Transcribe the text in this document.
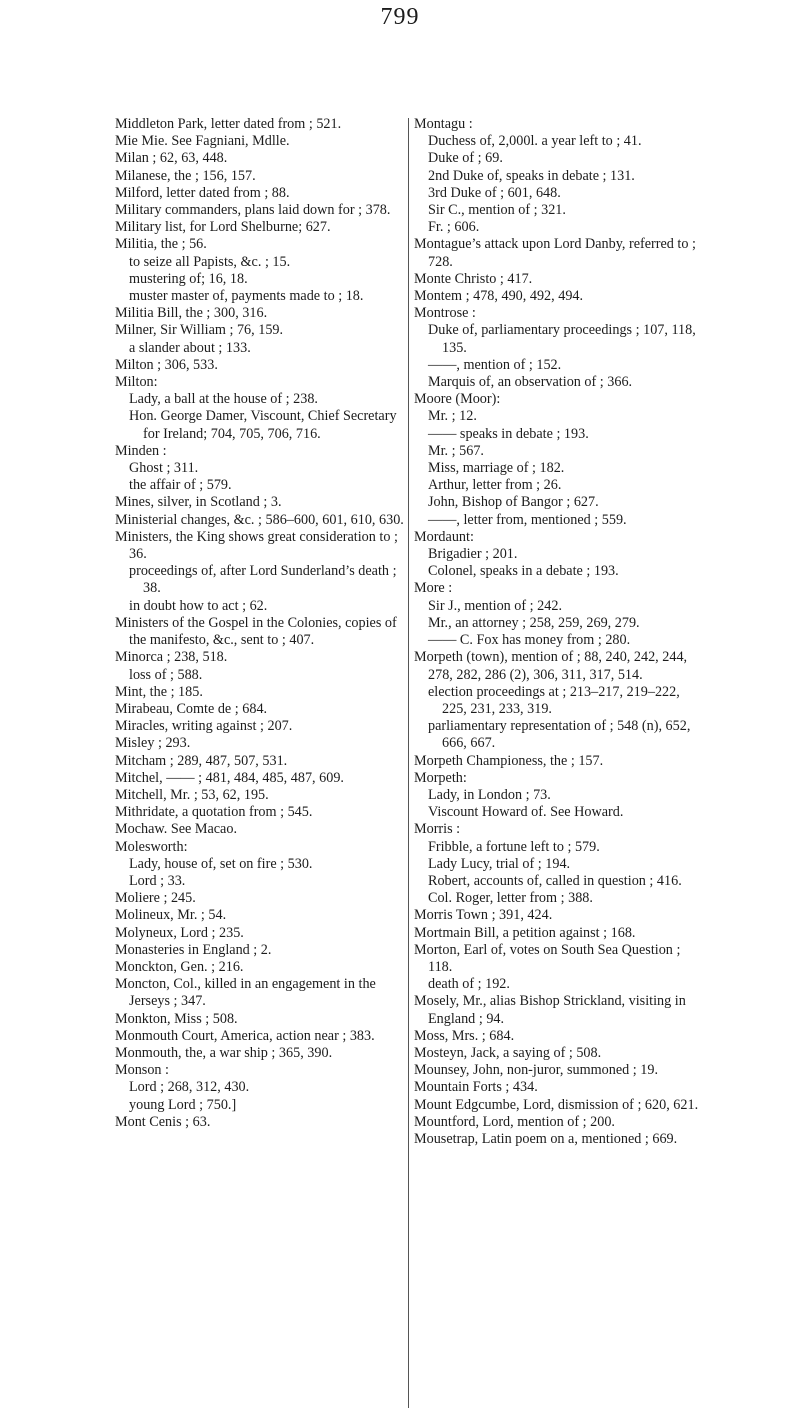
799

Middleton Park, letter dated from ; 521.

Mie Mie. See Fagniani, Mdlle.

Milan ; 62, 63, 448.

Milanese, the ; 156, 157.

Milford, letter dated from ; 88.

Military commanders, plans laid down for ; 378.

Military list, for Lord Shelburne; 627.

Militia, the ; 56.

to seize all Papists, &c. ; 15.

mustering of; 16, 18.

muster master of, payments made to ; 18.

Militia Bill, the ; 300, 316.

Milner, Sir William ; 76, 159.

a slander about ; 133.

Milton ; 306, 533.

Milton:

Lady, a ball at the house of ; 238.

Hon. George Damer, Viscount, Chief Secretary for Ireland; 704, 705, 706, 716.

Minden :

Ghost ; 311.

the affair of ; 579.

Mines, silver, in Scotland ; 3.

Ministerial changes, &c. ; 586–600, 601, 610, 630.

Ministers, the King shows great consideration to ; 36.

proceedings of, after Lord Sunderland’s death ; 38.

in doubt how to act ; 62.

Ministers of the Gospel in the Colonies, copies of the manifesto, &c., sent to ; 407.

Minorca ; 238, 518.

loss of ; 588.

Mint, the ; 185.

Mirabeau, Comte de ; 684.

Miracles, writing against ; 207.

Misley ; 293.

Mitcham ; 289, 487, 507, 531.

Mitchel, —— ; 481, 484, 485, 487, 609.

Mitchell, Mr. ; 53, 62, 195.

Mithridate, a quotation from ; 545.

Mochaw. See Macao.

Molesworth:

Lady, house of, set on fire ; 530.

Lord ; 33.

Moliere ; 245.

Molineux, Mr. ; 54.

Molyneux, Lord ; 235.

Monasteries in England ; 2.

Monckton, Gen. ; 216.

Moncton, Col., killed in an engagement in the Jerseys ; 347.

Monkton, Miss ; 508.

Monmouth Court, America, action near ; 383.

Monmouth, the, a war ship ; 365, 390.

Monson :

Lord ; 268, 312, 430.

young Lord ; 750.]

Mont Cenis ; 63.

Montagu :

Duchess of, 2,000l. a year left to ; 41.

Duke of ; 69.

2nd Duke of, speaks in debate ; 131.

3rd Duke of ; 601, 648.

Sir C., mention of ; 321.

Fr. ; 606.

Montague’s attack upon Lord Danby, referred to ; 728.

Monte Christo ; 417.

Montem ; 478, 490, 492, 494.

Montrose :

Duke of, parliamentary proceedings ; 107, 118, 135.

——, mention of ; 152.

Marquis of, an observation of ; 366.

Moore (Moor):

Mr. ; 12.

—— speaks in debate ; 193.

Mr. ; 567.

Miss, marriage of ; 182.

Arthur, letter from ; 26.

John, Bishop of Bangor ; 627.

——, letter from, mentioned ; 559.

Mordaunt:

Brigadier ; 201.

Colonel, speaks in a debate ; 193.

More :

Sir J., mention of ; 242.

Mr., an attorney ; 258, 259, 269, 279.

—— C. Fox has money from ; 280.

Morpeth (town), mention of ; 88, 240, 242, 244, 278, 282, 286 (2), 306, 311, 317, 514.

election proceedings at ; 213–217, 219–222, 225, 231, 233, 319.

parliamentary representation of ; 548 (n), 652, 666, 667.

Morpeth Championess, the ; 157.

Morpeth:

Lady, in London ; 73.

Viscount Howard of. See Howard.

Morris :

Fribble, a fortune left to ; 579.

Lady Lucy, trial of ; 194.

Robert, accounts of, called in question ; 416.

Col. Roger, letter from ; 388.

Morris Town ; 391, 424.

Mortmain Bill, a petition against ; 168.

Morton, Earl of, votes on South Sea Question ; 118.

death of ; 192.

Mosely, Mr., alias Bishop Strickland, visiting in England ; 94.

Moss, Mrs. ; 684.

Mosteyn, Jack, a saying of ; 508.

Mounsey, John, non-juror, summoned ; 19.

Mountain Forts ; 434.

Mount Edgcumbe, Lord, dismission of ; 620, 621.

Mountford, Lord, mention of ; 200.

Mousetrap, Latin poem on a, mentioned ; 669.
